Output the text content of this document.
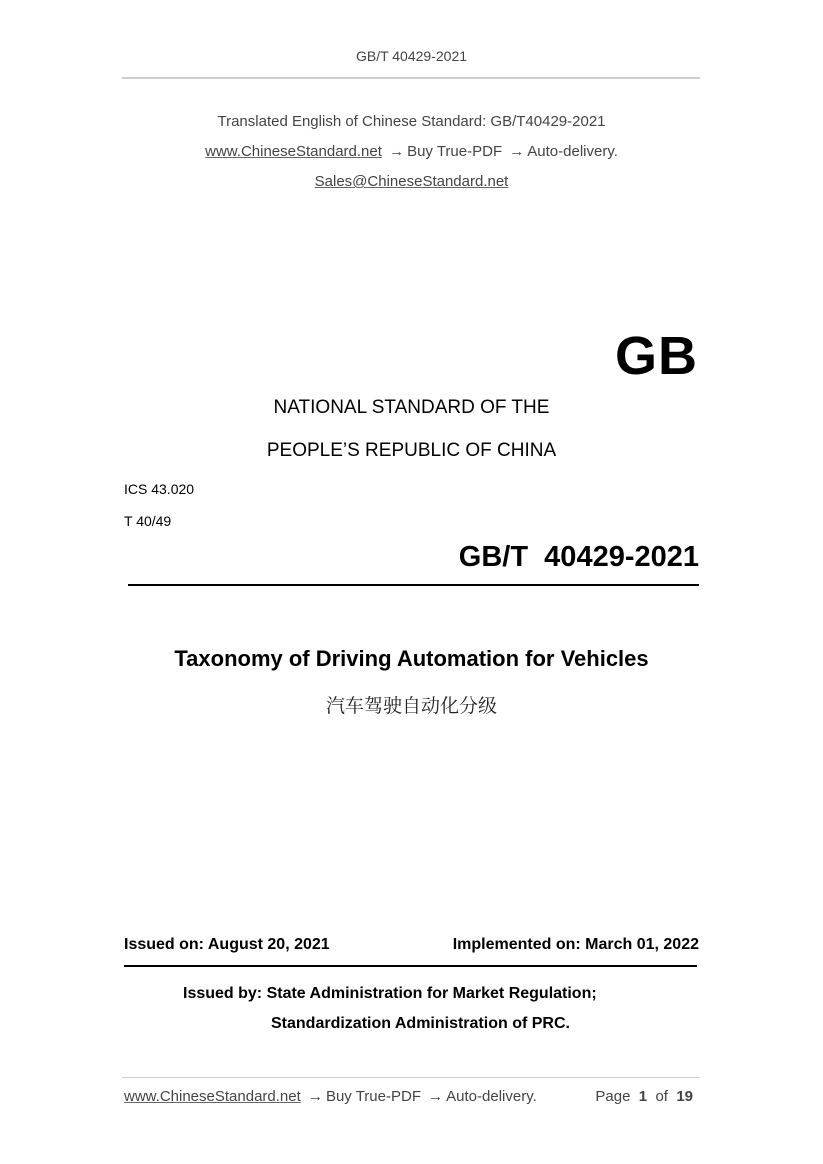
GB/T 40429-2021
Translated English of Chinese Standard: GB/T40429-2021
www.ChineseStandard.net → Buy True-PDF → Auto-delivery.
Sales@ChineseStandard.net
GB
NATIONAL STANDARD OF THE
PEOPLE’S REPUBLIC OF CHINA
ICS 43.020
T 40/49
GB/T  40429-2021
Taxonomy of Driving Automation for Vehicles
汽车驾驶自动化分级
Issued on: August 20, 2021	Implemented on: March 01, 2022
Issued by: State Administration for Market Regulation;
Standardization Administration of PRC.
www.ChineseStandard.net → Buy True-PDF → Auto-delivery.	Page 1 of 19
